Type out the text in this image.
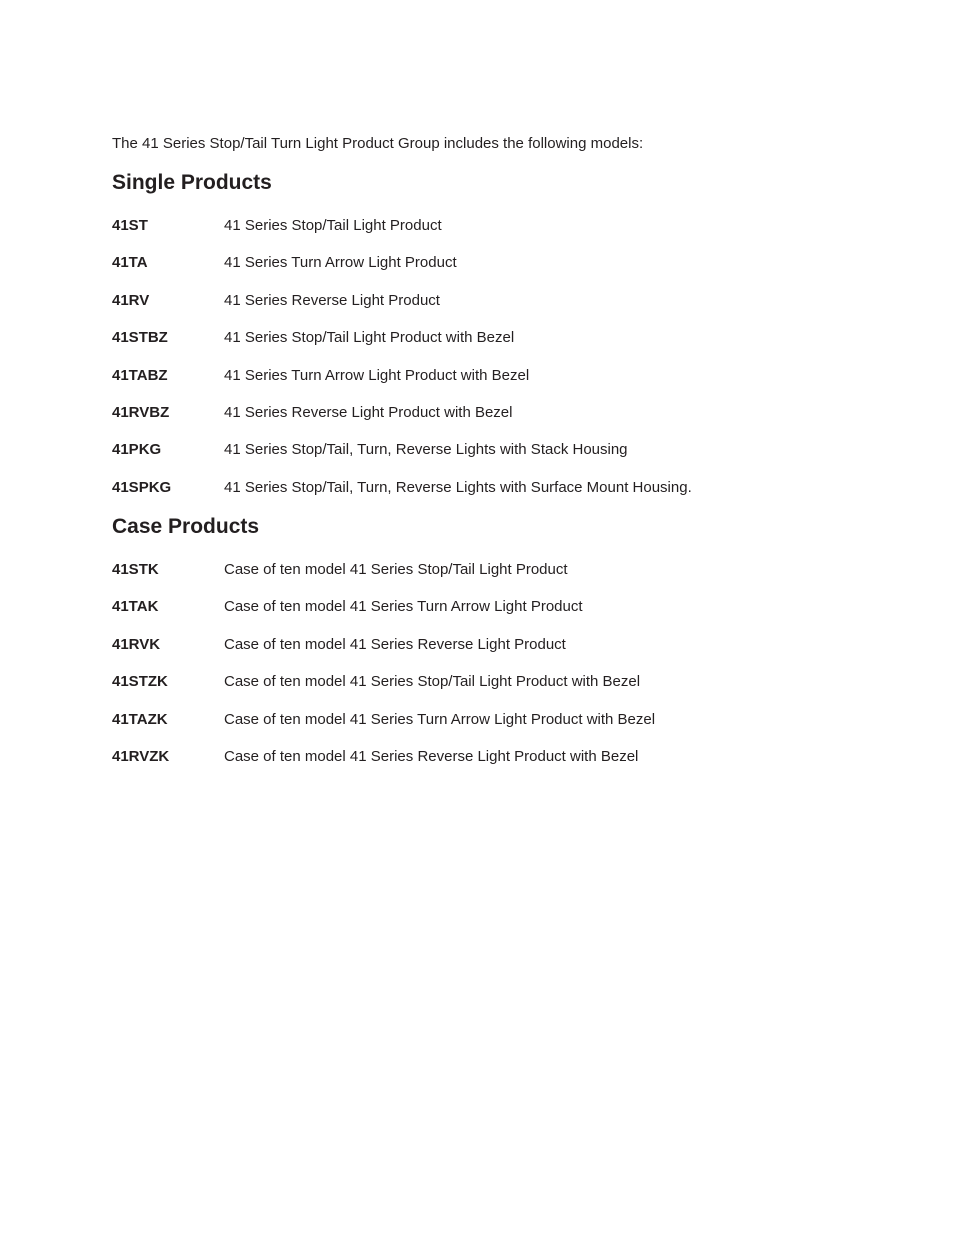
The 41 Series Stop/Tail Turn Light Product Group includes the following models:

Single Products
41ST	41 Series Stop/Tail Light Product
41TA	41 Series Turn Arrow Light Product
41RV	41 Series Reverse Light Product
41STBZ	41 Series Stop/Tail Light Product with Bezel
41TABZ	41 Series Turn Arrow Light Product with Bezel
41RVBZ	41 Series Reverse Light Product with Bezel
41PKG	41 Series Stop/Tail, Turn, Reverse Lights with Stack Housing
41SPKG	41 Series Stop/Tail, Turn, Reverse Lights with Surface Mount Housing.
Case Products
41STK	Case of ten model 41 Series Stop/Tail Light Product
41TAK	Case of ten model 41 Series Turn Arrow Light Product
41RVK	Case of ten model 41 Series Reverse Light Product
41STZK	Case of ten model 41 Series Stop/Tail Light Product with Bezel
41TAZK	Case of ten model 41 Series Turn Arrow Light Product with Bezel
41RVZK	Case of ten model 41 Series Reverse Light Product with Bezel
